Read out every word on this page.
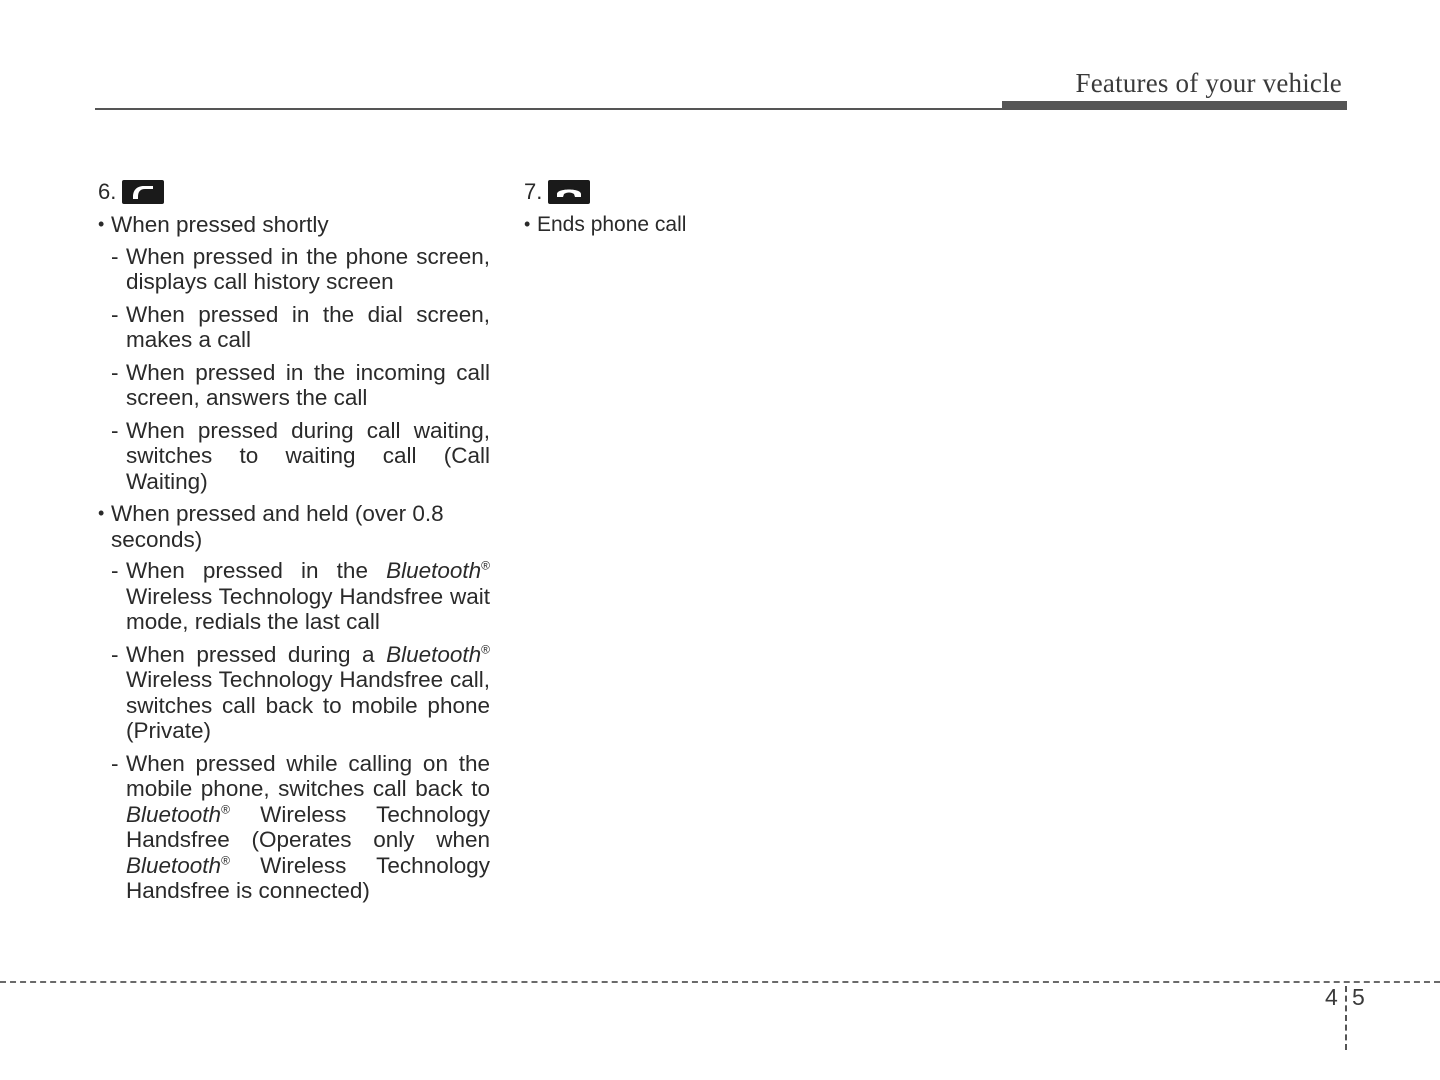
Features of your vehicle
6.
• When pressed shortly
- When pressed in the phone screen, displays call history screen
- When pressed in the dial screen, makes a call
- When pressed in the incoming call screen, answers the call
- When pressed during call waiting, switches to waiting call (Call Waiting)
• When pressed and held (over 0.8 seconds)
- When pressed in the Bluetooth® Wireless Technology Handsfree wait mode, redials the last call
- When pressed during a Bluetooth® Wireless Technology Handsfree call, switches call back to mobile phone (Private)
- When pressed while calling on the mobile phone, switches call back to Bluetooth® Wireless Technology Handsfree (Operates only when Bluetooth® Wireless Technology Handsfree is connected)
7.
• Ends phone call
4 5
